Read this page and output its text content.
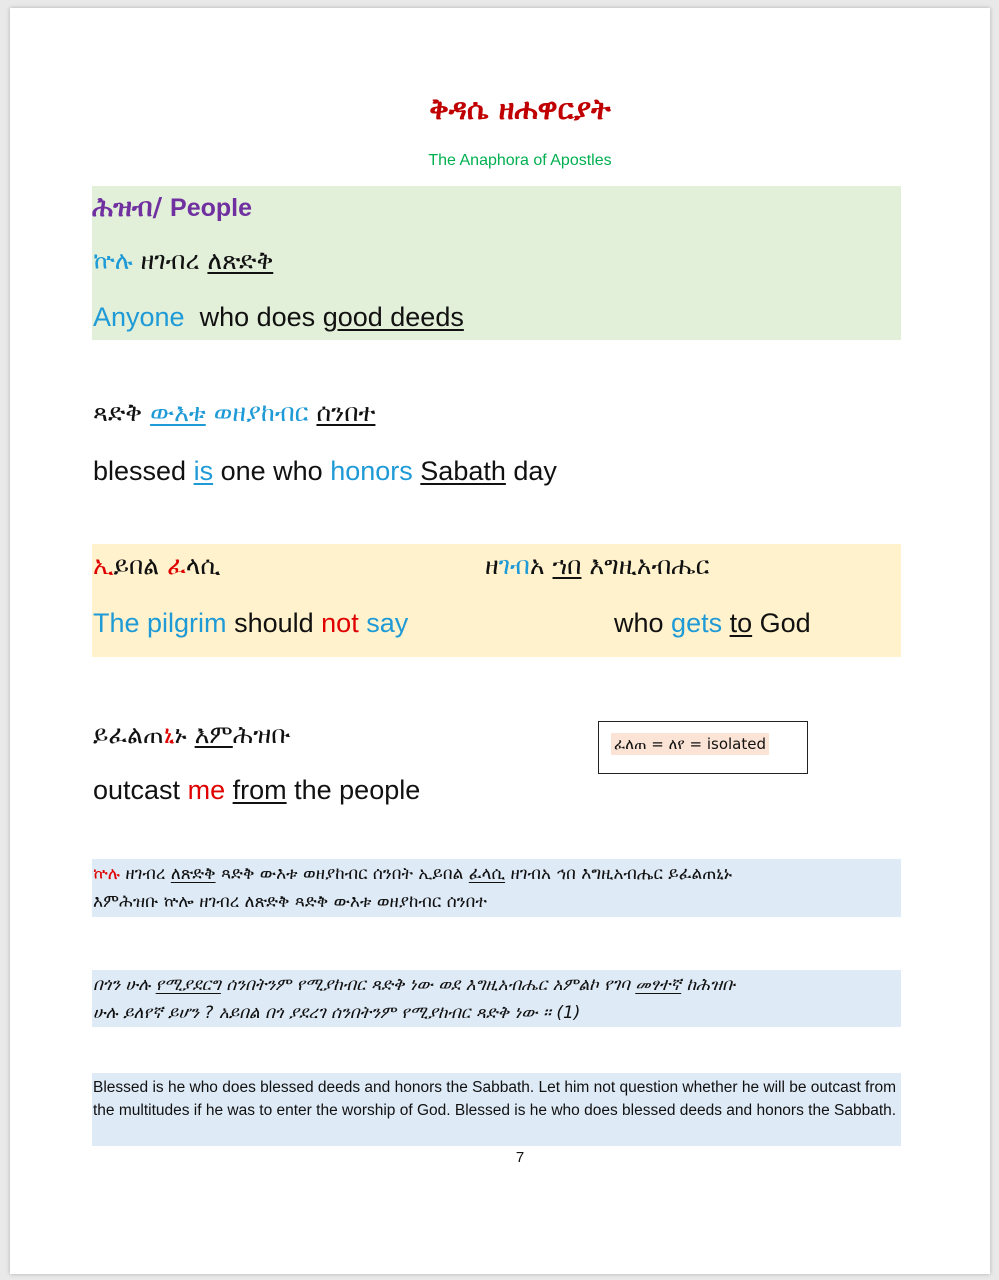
ቅዳሴ ዘሐዋርያት
The Anaphora of Apostles
ሕዝብ/ People
ኵሉ ዘገብረ ለጽድቅ
Anyone who does good deeds
ጻድቅ ውእቱ ወዘያከብር ሰንበተ
blessed is one who honors Sabath day
ኢይበል ፈላሲ	ዘገብአ ኀበ እግዚአብሔር
The pilgrim should not say	who gets to God
ይፈልጠኒኑ እምሕዝቡ
outcast me from the people
ፈለጠ = ለየ = isolated
ኵሉ ዘገብረ ለጽድቅ ጻድቅ ውእቱ ወዘያከብር ሰንበት ኢይበል ፈላሲ ዘገብአ ኅበ እግዚአብሔር ይፈልጠኒኑ
እምሕዝቡ ኵሎ ዘገብረ ለጽድቅ ጻድቅ ውእቱ ወዘያከብር ሰንበተ
በጎን ሁሉ የሚያደርግ ሰንበትንም የሚያከብር ጻድቅ ነው ወደ እግዚአብሔር አምልኮ የገባ መፃተኛ ከሕዝቡ
ሁሉ ይለየኛ ይሆን ? አይበል በጎ ያደረገ ሰንበትንም የሚያከብር ጻድቅ ነው ። (1)
Blessed is he who does blessed deeds and honors the Sabbath. Let him not question whether he will be outcast from the multitudes if he was to enter the worship of God. Blessed is he who does blessed deeds and honors the Sabbath.
7
